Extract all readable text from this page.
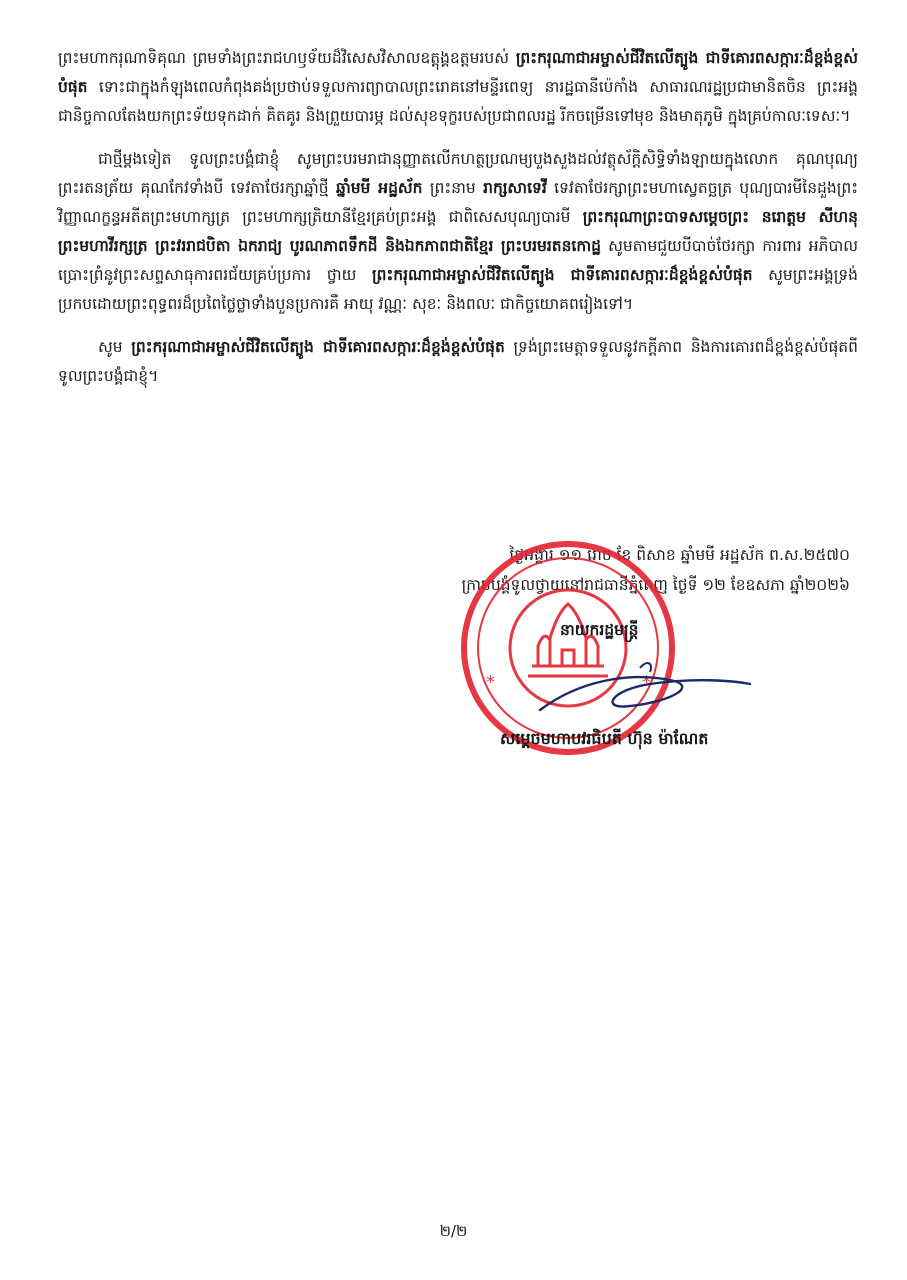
ព្រះមហាករុណាទិគុណ ព្រមទាំងព្រះរាជហឫទ័យដ៏វិសេសវិសាលឧត្តុង្គឧត្តមរបស់ ព្រះករុណាជាអម្ចាស់ជីវិតលើត្បូង ជាទីគោរពសក្ការៈដ៏ខ្ពង់ខ្ពស់បំផុត ទោះជាក្នុងកំឡុងពេលកំពុងគង់ប្រថាប់ទទួលការព្យាបាលព្រះរោគនៅមន្ទីរពេទ្យ នារដ្ឋធានីប៉េកាំង សាធារណរដ្ឋប្រជាមានិតចិន ព្រះអង្គជានិច្ចកាលតែងយកព្រះទ័យទុកដាក់ គិតគូរ និងព្រួយបារម្ភ ដល់សុខទុក្ខរបស់ប្រជាពលរដ្ឋ រីកចម្រើនទៅមុខ និងមាតុភូមិ ក្នុងគ្រប់កាលៈទេសៈ។

ជាថ្មីម្តងទៀត ទូលព្រះបង្គំជាខ្ញុំ សូមព្រះបរមរាជានុញ្ញាតលើកហត្ថប្រណម្យបួងសួងដល់វត្ថុស័ក្តិសិទ្ធិទាំងឡាយក្នុងលោក គុណបុណ្យព្រះរតនត្រ័យ គុណកែវទាំងបី ទេវតាថែរក្សាឆ្នាំថ្មី ឆ្នាំមមី អដ្ឋស័ក ព្រះនាម រាក្សសាទេវី ទេវតាថែរក្សាព្រះមហាស្វេតច្ឆត្រ បុណ្យបារមីនៃដួងព្រះវិញ្ញាណក្ខន្ធអតីតព្រះមហាក្សត្រ ព្រះមហាក្សត្រិយានីខ្មែរគ្រប់ព្រះអង្គ ជាពិសេសបុណ្យបារមី ព្រះករុណាព្រះបាទសម្តេចព្រះ នរោត្តម សីហនុ ព្រះមហាវីរក្សត្រ ព្រះវររាជបិតា ឯករាជ្យ បូរណភាពទឹកដី និងឯកភាពជាតិខ្មែរ ព្រះបរមរតនកោដ្ឋ សូមតាមជួយបីបាច់ថែរក្សា ការពារ អភិបាល ប្រោះព្រំនូវព្រះសព្ទសាធុការពរជ័យគ្រប់ប្រការ ថ្វាយ ព្រះករុណាជាអម្ចាស់ជីវិតលើត្បូង ជាទីគោរពសក្ការៈដ៏ខ្ពង់ខ្ពស់បំផុត សូមព្រះអង្គទ្រង់ប្រកបដោយព្រះពុទ្ធពរដ៏ប្រពៃថ្លៃថ្លាទាំងបួនប្រការគឺ អាយុ វណ្ណៈ សុខៈ និងពលៈ ជាកិច្ចយោគពរៀងទៅ។

សូម ព្រះករុណាជាអម្ចាស់ជីវិតលើត្បូង ជាទីគោរពសក្ការៈដ៏ខ្ពង់ខ្ពស់បំផុត ទ្រង់ព្រះមេត្តាទទួលនូវកក្តីភាព និងការគោរពដ៏ខ្ពង់ខ្ពស់បំផុតពីទូលព្រះបង្គំជាខ្ញុំ។

ថ្ងៃអង្គារ ១១ រោច ខែ ពិសាខ ឆ្នាំមមី អដ្ឋស័ក ព.ស.២៥៧០
ក្រាបបង្គំទូលថ្វាយនៅរាជធានីភ្នំពេញ ថ្ងៃទី ១២ ខែឧសភា ឆ្នាំ២០២៦
*	*
នាយករដ្ឋមន្ត្រី
សម្តេចមហាបវរធិបតី ហ៊ុន ម៉ាណែត
២/២
